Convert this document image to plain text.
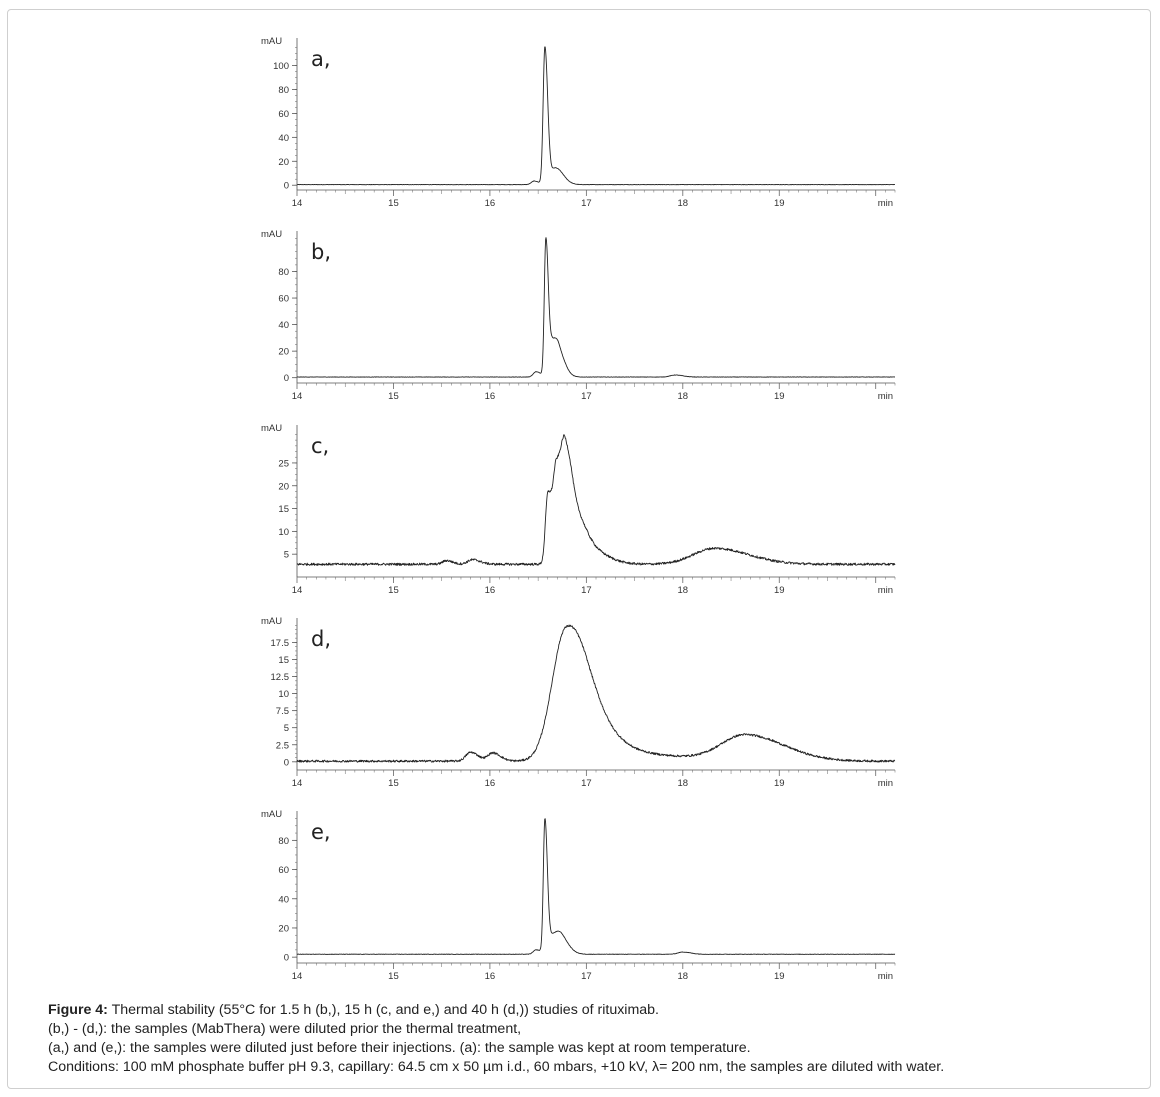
mAU
0
20
40
60
80
100
14	15	16	17	18	19	min
a,
mAU
0
20
40
60
80
14	15	16	17	18	19	min
b,
mAU
5
10
15
20
25
14	15	16	17	18	19	min
c,
mAU
0
2.5
5
7.5
10
12.5
15
17.5
14	15	16	17	18	19	min
d,
mAU
0
20
40
60
80
14	15	16	17	18	19	min
e,

Figure 4: Thermal stability (55°C for 1.5 h (b,), 15 h (c, and e,) and 40 h (d,)) studies of rituximab.

(b,) - (d,): the samples (MabThera) were diluted prior the thermal treatment,

(a,) and (e,): the samples were diluted just before their injections. (a): the sample was kept at room temperature.

Conditions: 100 mM phosphate buffer pH 9.3, capillary: 64.5 cm x 50 µm i.d., 60 mbars, +10 kV, λ= 200 nm, the samples are diluted with water.
